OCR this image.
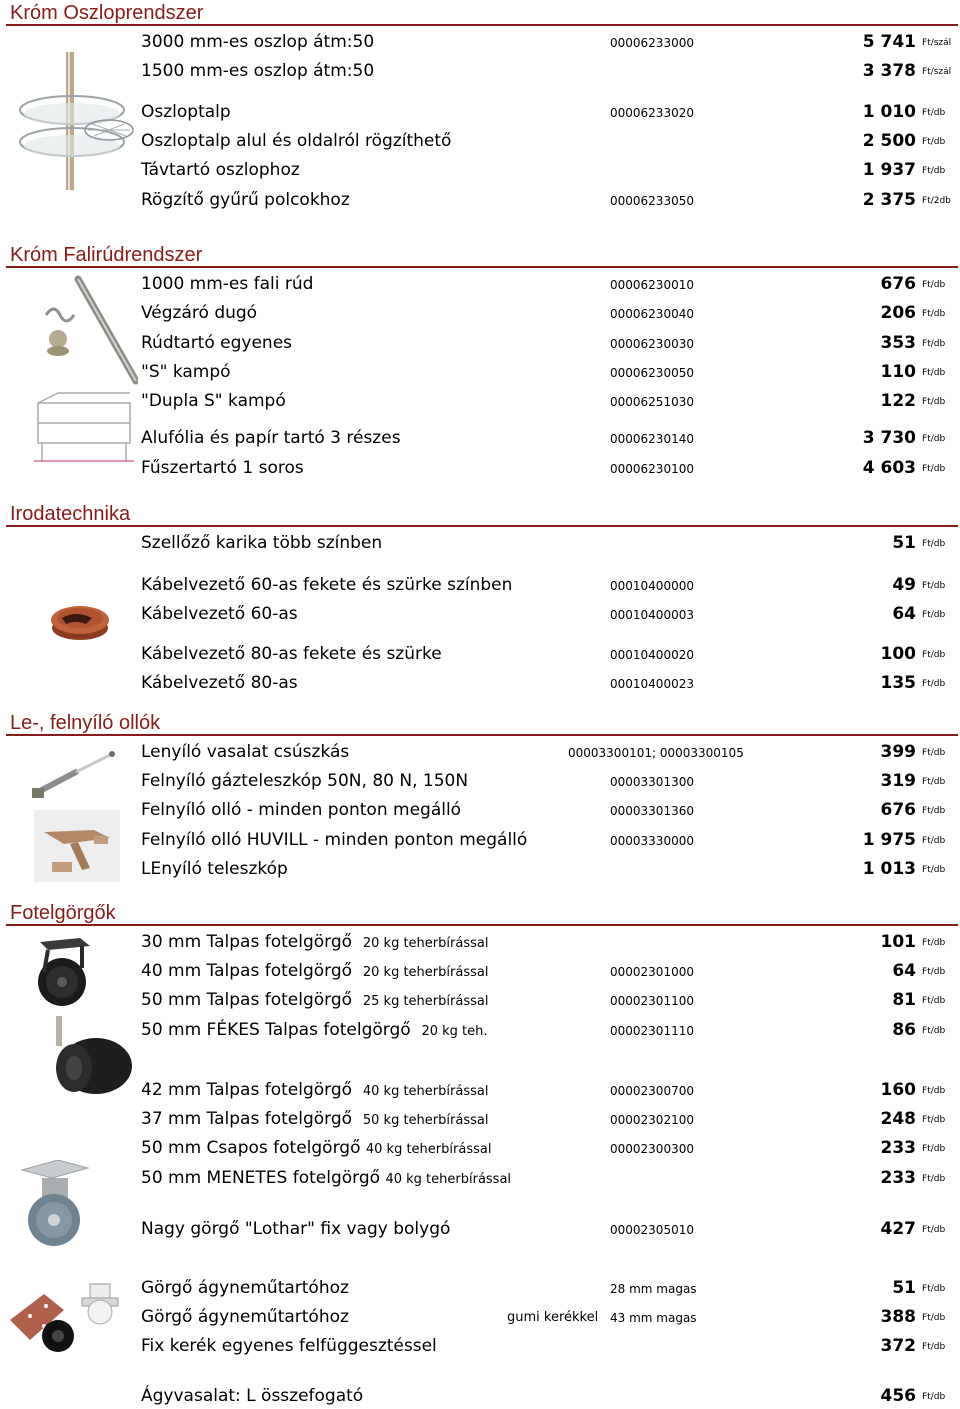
Króm Oszloprendszer
3000 mm-es oszlop átm:50	00006233000	5 741 Ft/szál
1500 mm-es oszlop átm:50	3 378 Ft/szál
Oszloptalp	00006233020	1 010 Ft/db
Oszloptalp alul és oldalról rögzíthető	2 500 Ft/db
Távtartó oszlophoz	1 937 Ft/db
Rögzítő gyűrű polcokhoz	00006233050	2 375 Ft/2db
Króm Falirúdrendszer
1000 mm-es fali rúd	00006230010	676 Ft/db
Végzáró dugó	00006230040	206 Ft/db
Rúdtartó egyenes	00006230030	353 Ft/db
"S" kampó	00006230050	110 Ft/db
"Dupla S" kampó	00006251030	122 Ft/db
Alufólia és papír tartó 3 részes	00006230140	3 730 Ft/db
Fűszertartó 1 soros	00006230100	4 603 Ft/db
Irodatechnika
Szellőző karika több színben	51 Ft/db
Kábelvezető 60-as fekete és szürke színben	00010400000	49 Ft/db
Kábelvezető 60-as	00010400003	64 Ft/db
Kábelvezető 80-as fekete és szürke	00010400020	100 Ft/db
Kábelvezető 80-as	00010400023	135 Ft/db
Le-, felnyíló ollók
Lenyíló vasalat csúszkás	00003300101; 00003300105	399 Ft/db
Felnyíló gázteleszkóp 50N, 80 N, 150N	00003301300	319 Ft/db
Felnyíló olló - minden ponton megálló	00003301360	676 Ft/db
Felnyíló olló HUVILL - minden ponton megálló	00003330000	1 975 Ft/db
LEnyíló teleszkóp	1 013 Ft/db
Fotelgörgők
30 mm Talpas fotelgörgő 20 kg teherbírással	101 Ft/db
40 mm Talpas fotelgörgő 20 kg teherbírással	00002301000	64 Ft/db
50 mm Talpas fotelgörgő 25 kg teherbírással	00002301100	81 Ft/db
50 mm FÉKES Talpas fotelgörgő 20 kg teh.	00002301110	86 Ft/db
42 mm Talpas fotelgörgő 40 kg teherbírással	00002300700	160 Ft/db
37 mm Talpas fotelgörgő 50 kg teherbírással	00002302100	248 Ft/db
50 mm Csapos fotelgörgő 40 kg teherbírással	00002300300	233 Ft/db
50 mm MENETES fotelgörgő 40 kg teherbírással	233 Ft/db
Nagy görgő "Lothar" fix vagy bolygó	00002305010	427 Ft/db
Görgő ágyneműtartóhoz	28 mm magas	51 Ft/db
Görgő ágyneműtartóhoz	gumi kerékkel 43 mm magas	388 Ft/db
Fix kerék egyenes felfüggesztéssel	372 Ft/db
Ágyvasalat: L összefogató	456 Ft/db
